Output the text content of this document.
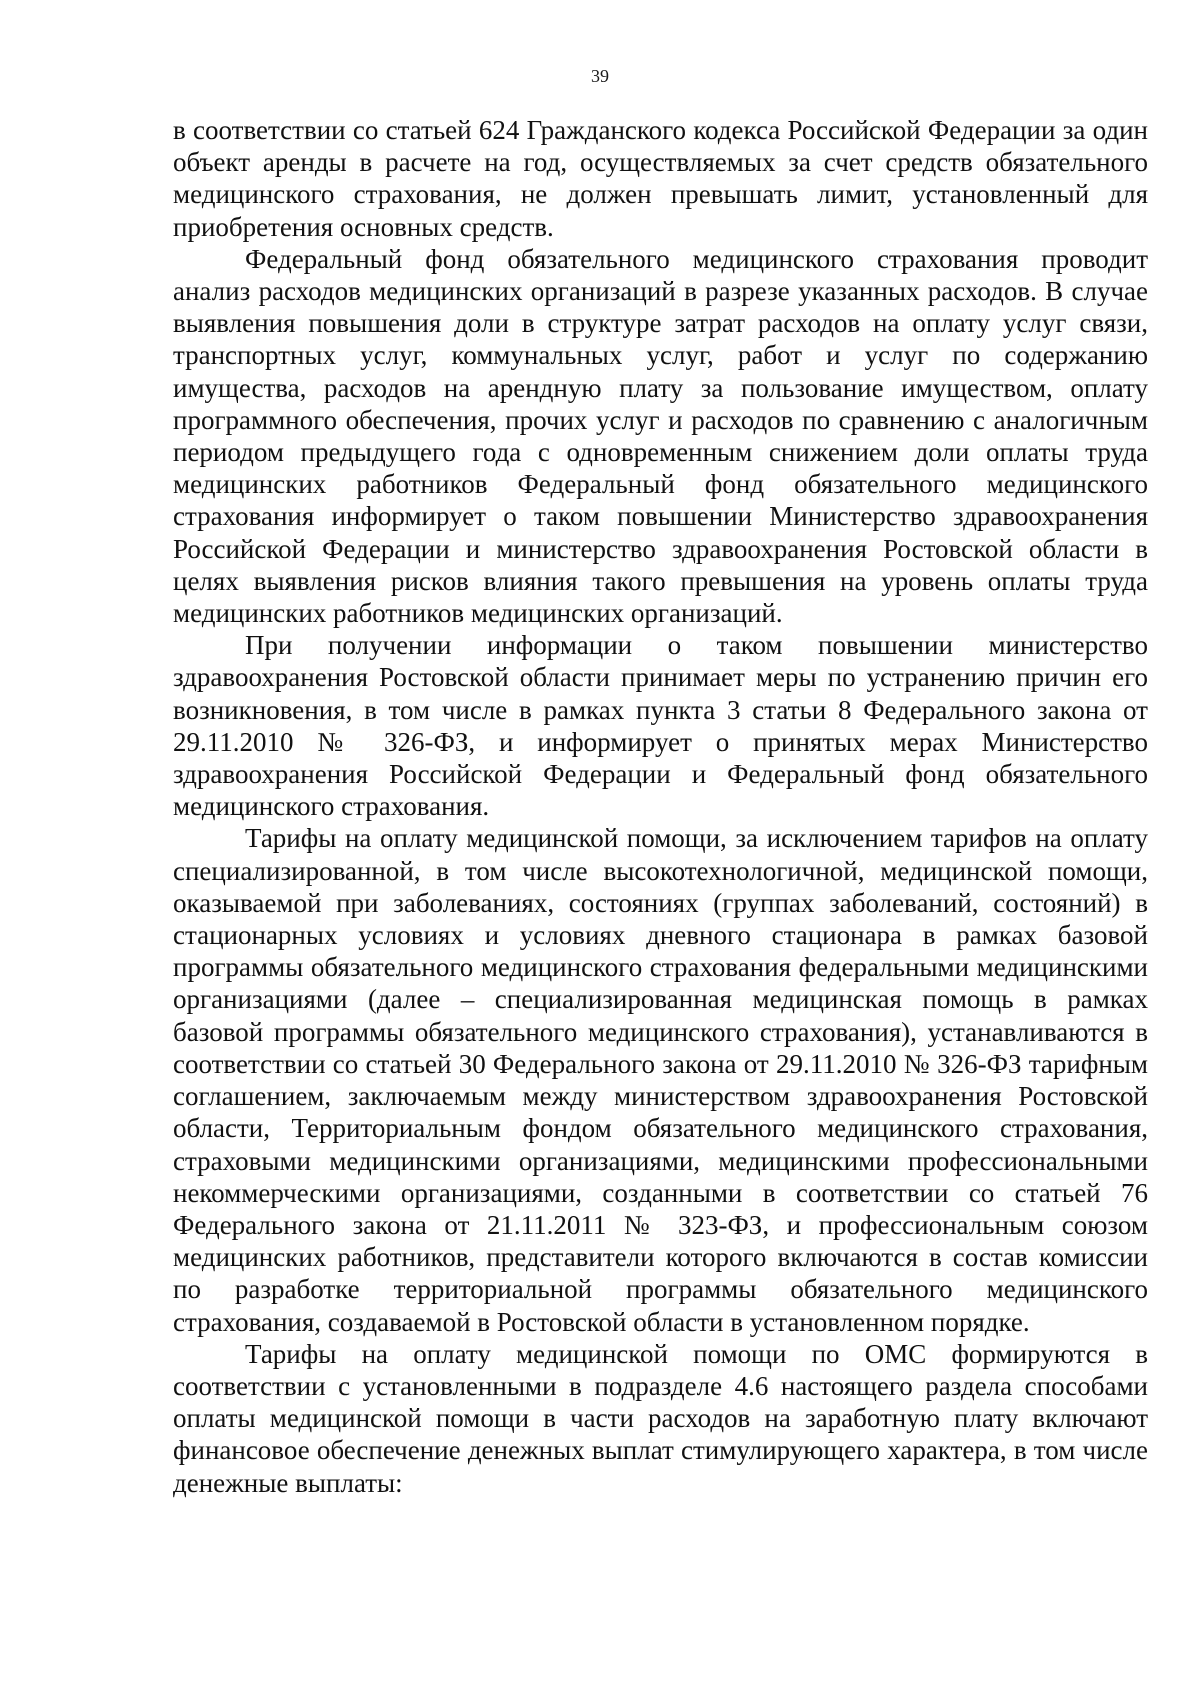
39

в соответствии со статьей 624 Гражданского кодекса Российской Федерации за один объект аренды в расчете на год, осуществляемых за счет средств обязательного медицинского страхования, не должен превышать лимит, установленный для приобретения основных средств.

Федеральный фонд обязательного медицинского страхования проводит анализ расходов медицинских организаций в разрезе указанных расходов. В случае выявления повышения доли в структуре затрат расходов на оплату услуг связи, транспортных услуг, коммунальных услуг, работ и услуг по содержанию имущества, расходов на арендную плату за пользование имуществом, оплату программного обеспечения, прочих услуг и расходов по сравнению с аналогичным периодом предыдущего года с одновременным снижением доли оплаты труда медицинских работников Федеральный фонд обязательного медицинского страхования информирует о таком повышении Министерство здравоохранения Российской Федерации и министерство здравоохранения Ростовской области в целях выявления рисков влияния такого превышения на уровень оплаты труда медицинских работников медицинских организаций.

При получении информации о таком повышении министерство здравоохранения Ростовской области принимает меры по устранению причин его возникновения, в том числе в рамках пункта 3 статьи 8 Федерального закона от 29.11.2010 № 326-ФЗ, и информирует о принятых мерах Министерство здравоохранения Российской Федерации и Федеральный фонд обязательного медицинского страхования.

Тарифы на оплату медицинской помощи, за исключением тарифов на оплату специализированной, в том числе высокотехнологичной, медицинской помощи, оказываемой при заболеваниях, состояниях (группах заболеваний, состояний) в стационарных условиях и условиях дневного стационара в рамках базовой программы обязательного медицинского страхования федеральными медицинскими организациями (далее – специализированная медицинская помощь в рамках базовой программы обязательного медицинского страхования), устанавливаются в соответствии со статьей 30 Федерального закона от 29.11.2010 № 326-ФЗ тарифным соглашением, заключаемым между министерством здравоохранения Ростовской области, Территориальным фондом обязательного медицинского страхования, страховыми медицинскими организациями, медицинскими профессиональными некоммерческими организациями, созданными в соответствии со статьей 76 Федерального закона от 21.11.2011 № 323-ФЗ, и профессиональным союзом медицинских работников, представители которого включаются в состав комиссии по разработке территориальной программы обязательного медицинского страхования, создаваемой в Ростовской области в установленном порядке.

Тарифы на оплату медицинской помощи по ОМС формируются в соответствии с установленными в подразделе 4.6 настоящего раздела способами оплаты медицинской помощи в части расходов на заработную плату включают финансовое обеспечение денежных выплат стимулирующего характера, в том числе денежные выплаты:
